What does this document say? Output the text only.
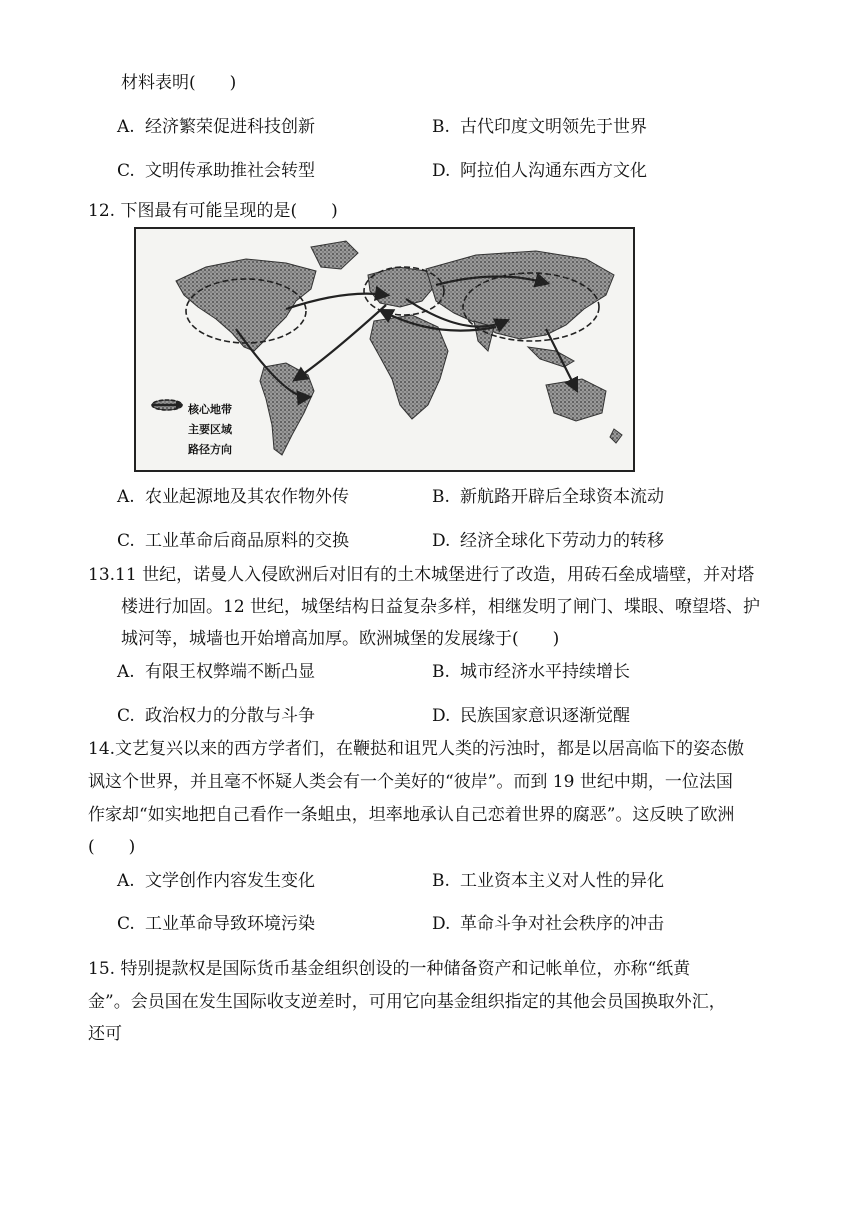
材料表明(　　)
A. 经济繁荣促进科技创新	B. 古代印度文明领先于世界
C. 文明传承助推社会转型	D. 阿拉伯人沟通东西方文化
12. 下图最有可能呈现的是(　　)
核心地带
主要区域
路径方向
A. 农业起源地及其农作物外传	B. 新航路开辟后全球资本流动
C. 工业革命后商品原料的交换	D. 经济全球化下劳动力的转移
13.11 世纪，诺曼人入侵欧洲后对旧有的土木城堡进行了改造，用砖石垒成墙壁，并对塔
楼进行加固。12 世纪，城堡结构日益复杂多样，相继发明了闸门、堞眼、嘹望塔、护
城河等，城墙也开始增高加厚。欧洲城堡的发展缘于(　　)
A. 有限王权弊端不断凸显	B. 城市经济水平持续增长
C. 政治权力的分散与斗争	D. 民族国家意识逐渐觉醒
14.文艺复兴以来的西方学者们，在鞭挞和诅咒人类的污浊时，都是以居高临下的姿态傲
讽这个世界，并且毫不怀疑人类会有一个美好的“彼岸”。而到 19 世纪中期，一位法国
作家却“如实地把自己看作一条蛆虫，坦率地承认自己恋着世界的腐恶”。这反映了欧洲
(　　)
A. 文学创作内容发生变化	B. 工业资本主义对人性的异化
C. 工业革命导致环境污染	D. 革命斗争对社会秩序的冲击
15. 特别提款权是国际货币基金组织创设的一种储备资产和记帐单位，亦称“纸黄
金”。会员国在发生国际收支逆差时，可用它向基金组织指定的其他会员国换取外汇，
还可
